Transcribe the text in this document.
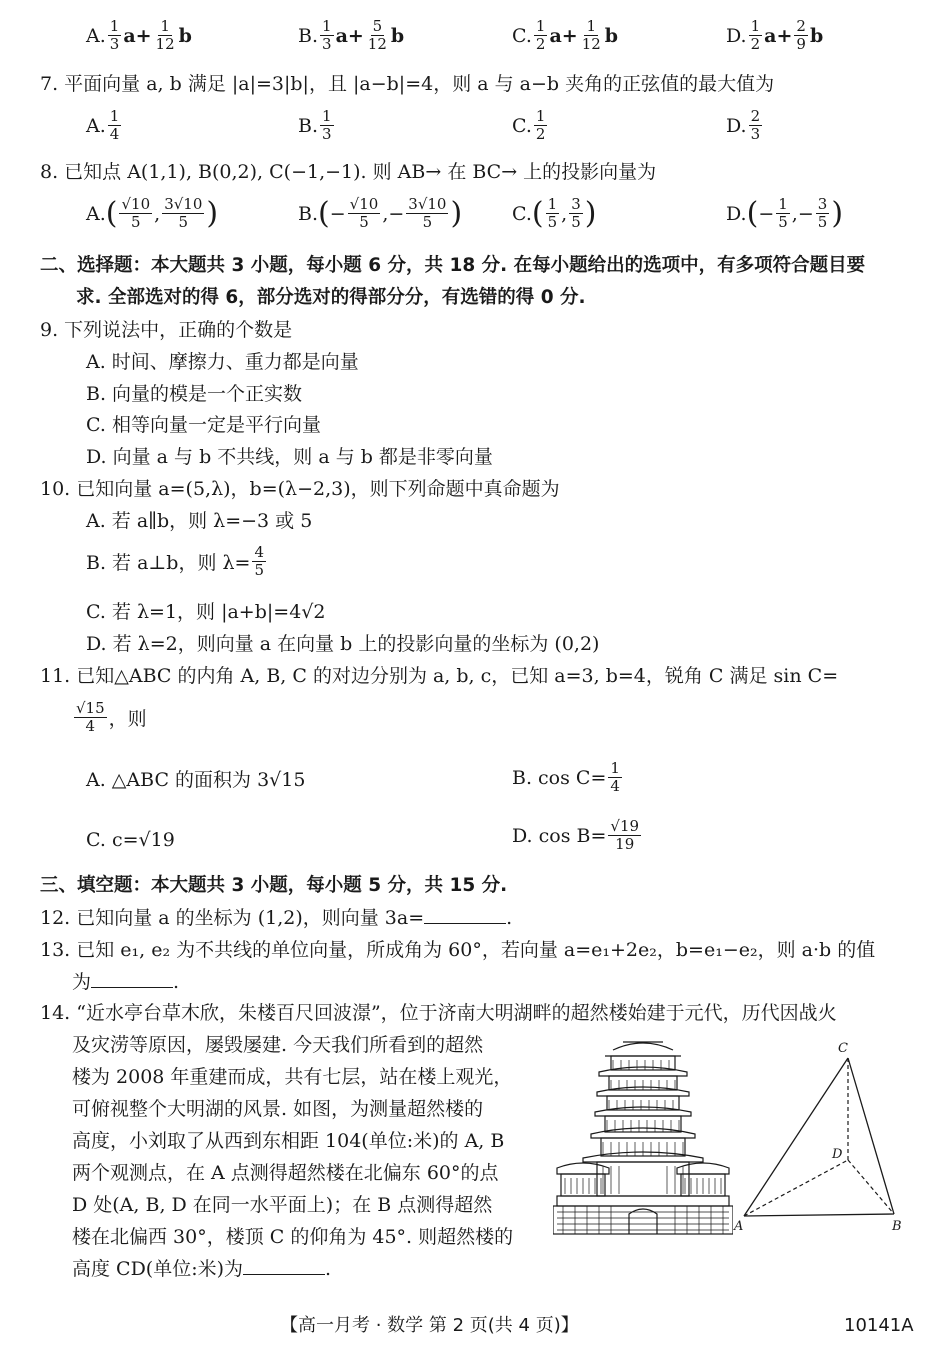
A. $\frac{1}{3} a+ \frac{1}{12}$ b	B. $\frac{1}{3} a+ \frac{5}{12}$ b	C. $\frac{1}{2} a+ \frac{1}{12}$ b	D. $\frac{1}{2} a+ \frac{2}{9}$ b
7. 平面向量 a, b 满足 |a|=3|b|，且 |a−b|=4，则 a 与 a−b 夹角的正弦值的最大值为
A. $\frac{1}{4}$	B. $\frac{1}{3}$	C. $\frac{1}{2}$	D. $\frac{2}{3}$
8. 已知点 A(1,1), B(0,2), C(−1,−1). 则 AB→ 在 BC→ 上的投影向量为
A. ( $\frac{√10}{5}$ , $\frac{3√10}{5}$ )	B. ( − $\frac{√10}{5}$ ,− $\frac{3√10}{5}$ )	C. ( $\frac{1}{5}$ , $\frac{3}{5}$ )	D. ( − $\frac{1}{5}$ ,− $\frac{3}{5}$ )
二、选择题：本大题共 3 小题，每小题 6 分，共 18 分. 在每小题给出的选项中，有多项符合题目要
求. 全部选对的得 6，部分选对的得部分分，有选错的得 0 分.
9. 下列说法中，正确的个数是
A. 时间、摩擦力、重力都是向量
B. 向量的模是一个正实数
C. 相等向量一定是平行向量
D. 向量 a 与 b 不共线，则 a 与 b 都是非零向量
10. 已知向量 a=(5,λ)，b=(λ−2,3)，则下列命题中真命题为
A. 若 a∥b，则 λ=−3 或 5
B. 若 a⊥b，则 $\lambda= \frac{4}{5}$
C. 若 λ=1，则 |a+b|=4√2
D. 若 λ=2，则向量 a 在向量 b 上的投影向量的坐标为 (0,2)
11. 已知△ABC 的内角 A, B, C 的对边分别为 a, b, c，已知 a=3, b=4，锐角 C 满足 sin C=
$\frac{√15}{4}$ ，则
A. △ABC 的面积为 3√15	B. $\cos C= \frac{1}{4}$
C. c=√19	D. $\cos B= \frac{√19}{19}$
三、填空题：本大题共 3 小题，每小题 5 分，共 15 分.
12. 已知向量 a 的坐标为 (1,2)，则向量 3a=	.
13. 已知 e₁, e₂ 为不共线的单位向量，所成角为 60°，若向量 a=e₁+2e₂，b=e₁−e₂，则 a·b 的值
为	.
14. “近水亭台草木欣，朱楼百尺回波澋”，位于济南大明湖畔的超然楼始建于元代，历代因战火
及灾涝等原因，屡毁屡建. 今天我们所看到的超然
楼为 2008 年重建而成，共有七层，站在楼上观光，
可俯视整个大明湖的风景. 如图，为测量超然楼的
高度，小刘取了从西到东相距 104(单位:米)的 A, B
两个观测点，在 A 点测得超然楼在北偏东 60°的点
D 处(A, B, D 在同一水平面上)；在 B 点测得超然
楼在北偏西 30°，楼顶 C 的仰角为 45°. 则超然楼的
高度 CD(单位:米)为	.
C
D
A	B
【高一月考 · 数学 第 2 页(共 4 页)】	10141A
